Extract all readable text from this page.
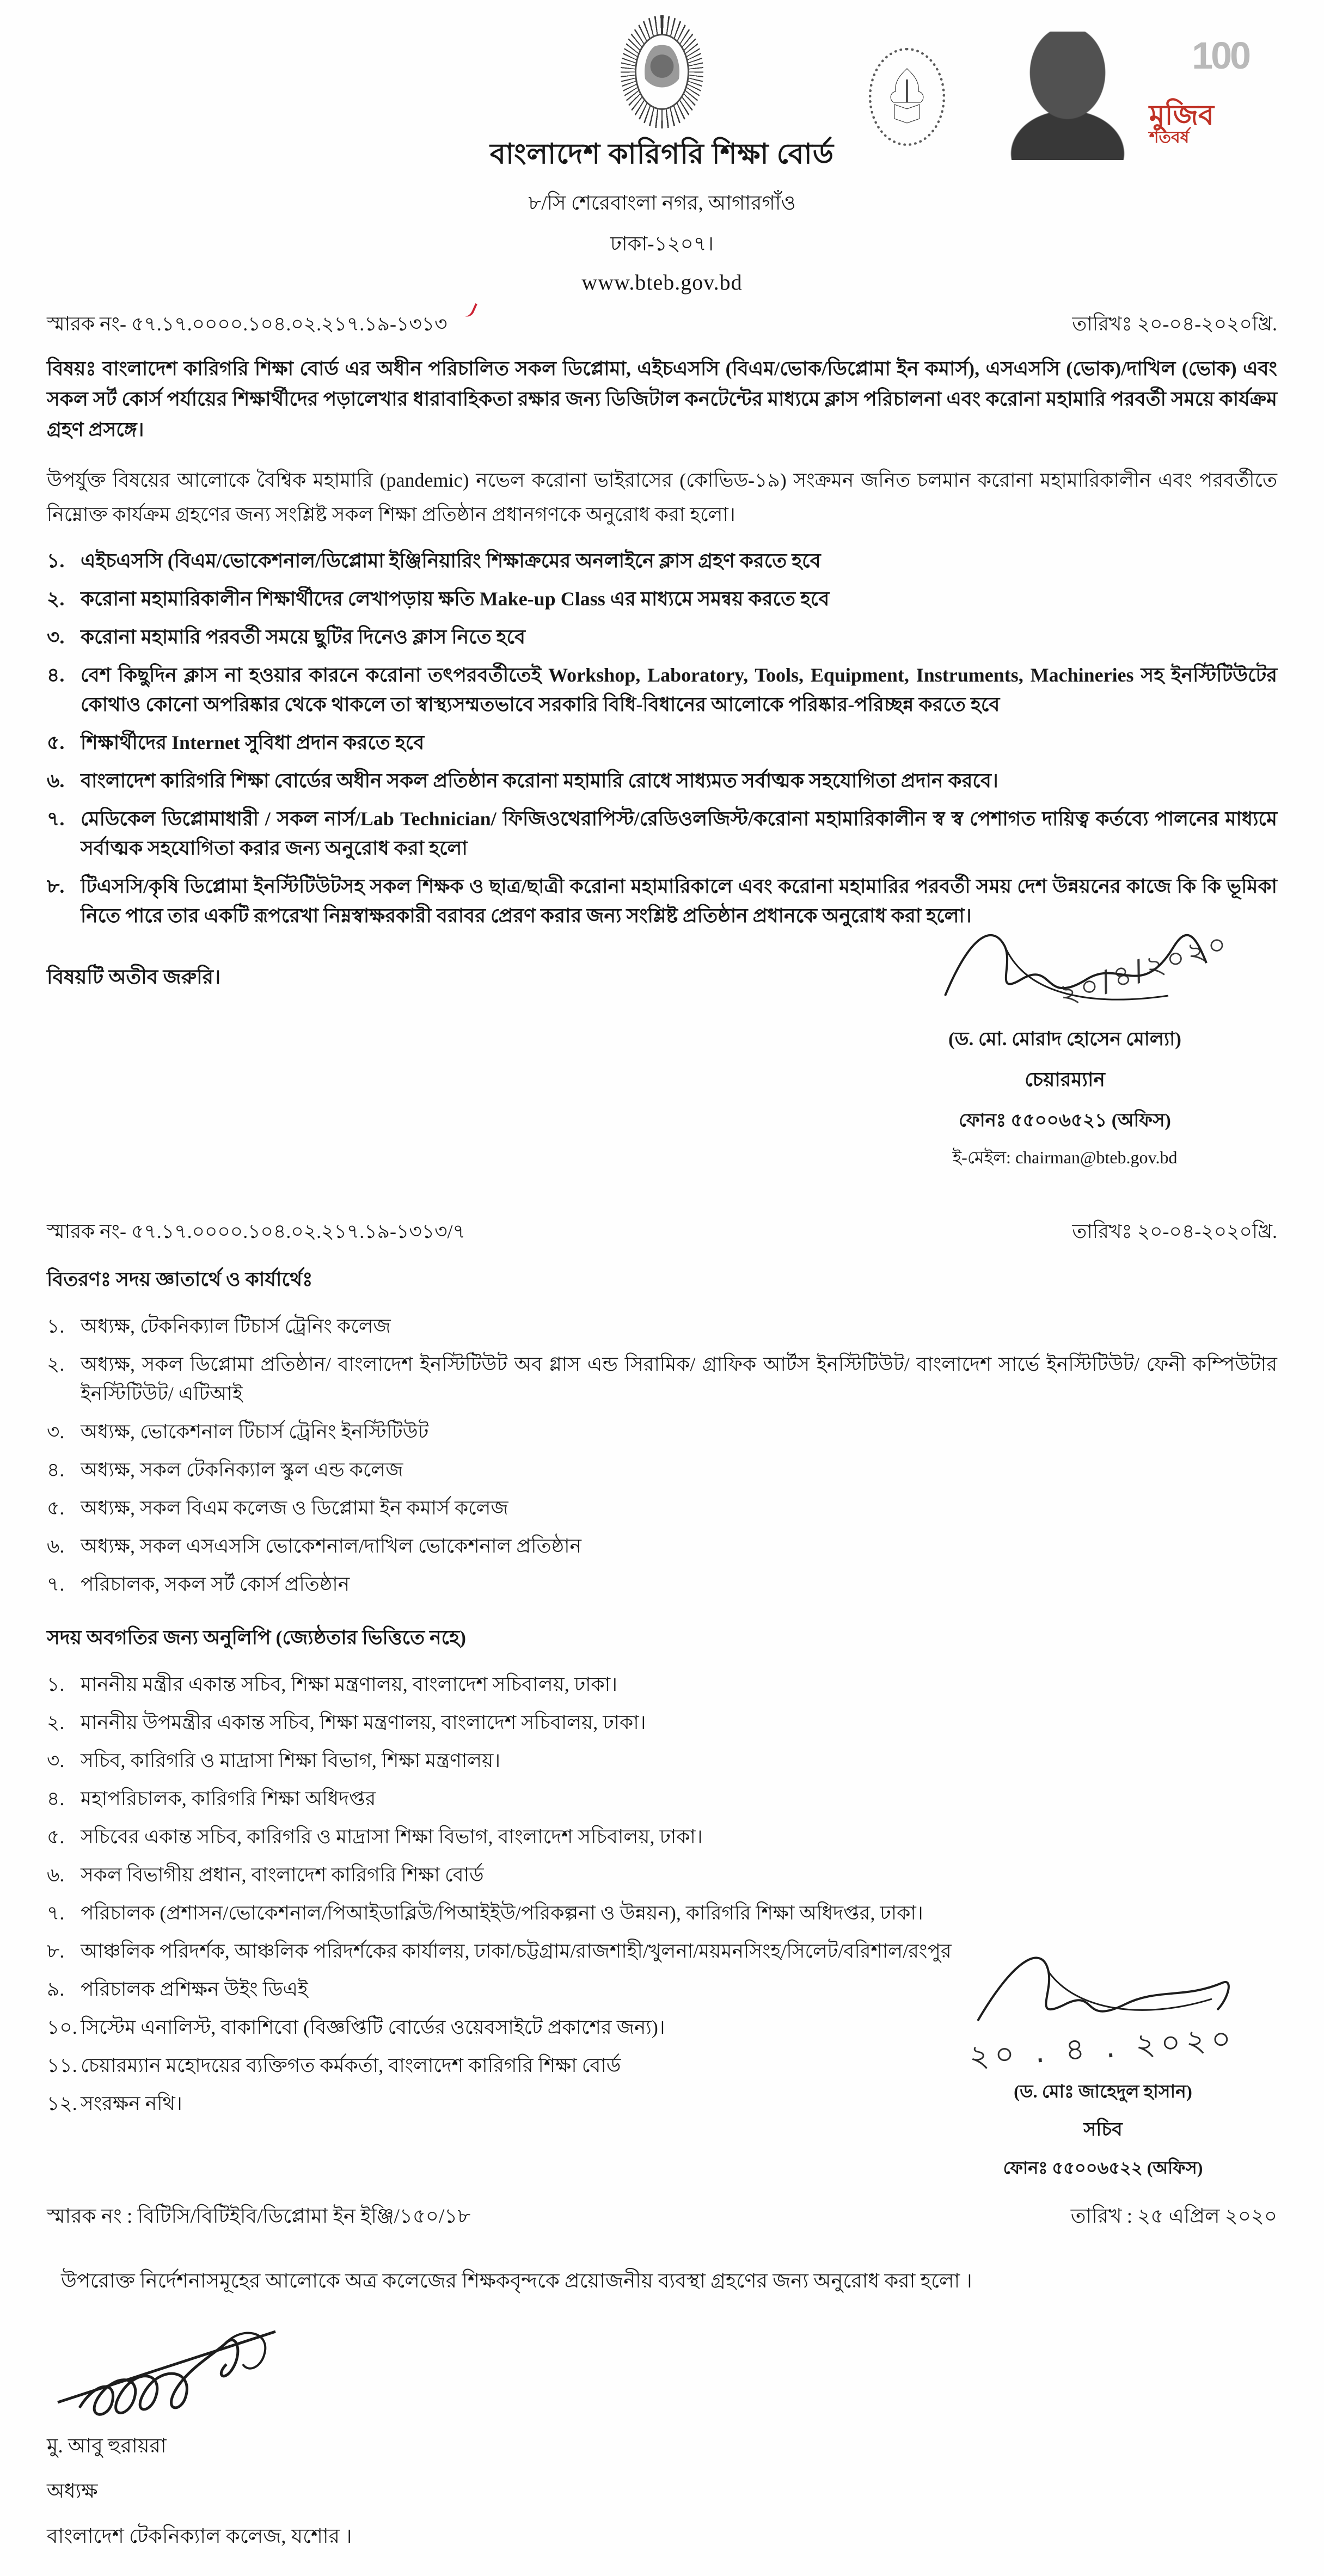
বাংলাদেশ কারিগরি শিক্ষা বোর্ড
৮/সি শেরেবাংলা নগর, আগারগাঁও
ঢাকা-১২০৭।
www.bteb.gov.bd
মুজিব
শতবর্ষ
100
স্মারক নং- ৫৭.১৭.০০০০.১০৪.০২.২১৭.১৯-১৩১৩	তারিখঃ ২০-০৪-২০২০খ্রি.
বিষয়ঃ বাংলাদেশ কারিগরি শিক্ষা বোর্ড এর অধীন পরিচালিত সকল ডিপ্লোমা, এইচএসসি (বিএম/ভোক/ডিপ্লোমা ইন কমার্স), এসএসসি (ভোক)/দাখিল (ভোক) এবং সকল সর্ট কোর্স পর্যায়ের শিক্ষার্থীদের পড়ালেখার ধারাবাহিকতা রক্ষার জন্য ডিজিটাল কনটেন্টের মাধ্যমে ক্লাস পরিচালনা এবং করোনা মহামারি পরবর্তী সময়ে কার্যক্রম গ্রহণ প্রসঙ্গে।
উপর্যুক্ত বিষয়ের আলোকে বৈশ্বিক মহামারি (pandemic) নভেল করোনা ভাইরাসের (কোভিড-১৯) সংক্রমন জনিত চলমান করোনা মহামারিকালীন এবং পরবর্তীতে নিম্নোক্ত কার্যক্রম গ্রহণের জন্য সংশ্লিষ্ট সকল শিক্ষা প্রতিষ্ঠান প্রধানগণকে অনুরোধ করা হলো।
১. এইচএসসি (বিএম/ভোকেশনাল/ডিপ্লোমা ইঞ্জিনিয়ারিং শিক্ষাক্রমের অনলাইনে ক্লাস গ্রহণ করতে হবে
২. করোনা মহামারিকালীন শিক্ষার্থীদের লেখাপড়ায় ক্ষতি Make-up Class এর মাধ্যমে সমন্বয় করতে হবে
৩. করোনা মহামারি পরবর্তী সময়ে ছুটির দিনেও ক্লাস নিতে হবে
৪. বেশ কিছুদিন ক্লাস না হওয়ার কারনে করোনা তৎপরবর্তীতেই Workshop, Laboratory, Tools, Equipment, Instruments, Machineries সহ ইনস্টিটিউটের কোথাও কোনো অপরিষ্কার থেকে থাকলে তা স্বাস্থ্যসম্মতভাবে সরকারি বিধি-বিধানের আলোকে পরিষ্কার-পরিচ্ছন্ন করতে হবে
৫. শিক্ষার্থীদের Internet সুবিধা প্রদান করতে হবে
৬. বাংলাদেশ কারিগরি শিক্ষা বোর্ডের অধীন সকল প্রতিষ্ঠান করোনা মহামারি রোধে সাধ্যমত সর্বাত্মক সহযোগিতা প্রদান করবে।
৭. মেডিকেল ডিপ্লোমাধারী / সকল নার্স/Lab Technician/ ফিজিওথেরাপিস্ট/রেডিওলজিস্ট/করোনা মহামারিকালীন স্ব স্ব পেশাগত দায়িত্ব কর্তব্যে পালনের মাধ্যমে সর্বাত্মক সহযোগিতা করার জন্য অনুরোধ করা হলো
৮. টিএসসি/কৃষি ডিপ্লোমা ইনস্টিটিউটসহ সকল শিক্ষক ও ছাত্র/ছাত্রী করোনা মহামারিকালে এবং করোনা মহামারির পরবর্তী সময় দেশ উন্নয়নের কাজে কি কি ভূমিকা নিতে পারে তার একটি রূপরেখা নিম্নস্বাক্ষরকারী বরাবর প্রেরণ করার জন্য সংশ্লিষ্ট প্রতিষ্ঠান প্রধানকে অনুরোধ করা হলো।
বিষয়টি অতীব জরুরি।	২০/৪/২০২০
(ড. মো. মোরাদ হোসেন মোল্যা)
চেয়ারম্যান
ফোনঃ ৫৫০০৬৫২১ (অফিস)
ই-মেইল: chairman@bteb.gov.bd
স্মারক নং- ৫৭.১৭.০০০০.১০৪.০২.২১৭.১৯-১৩১৩/৭	তারিখঃ ২০-০৪-২০২০খ্রি.
বিতরণঃ সদয় জ্ঞাতার্থে ও কার্যার্থেঃ
১. অধ্যক্ষ, টেকনিক্যাল টিচার্স ট্রেনিং কলেজ
২. অধ্যক্ষ, সকল ডিপ্লোমা প্রতিষ্ঠান/ বাংলাদেশ ইনস্টিটিউট অব গ্লাস এন্ড সিরামিক/ গ্রাফিক আর্টস ইনস্টিটিউট/ বাংলাদেশ সার্ভে ইনস্টিটিউট/ ফেনী কম্পিউটার ইনস্টিটিউট/ এটিআই
৩. অধ্যক্ষ, ভোকেশনাল টিচার্স ট্রেনিং ইনস্টিটিউট
৪. অধ্যক্ষ, সকল টেকনিক্যাল স্কুল এন্ড কলেজ
৫. অধ্যক্ষ, সকল বিএম কলেজ ও ডিপ্লোমা ইন কমার্স কলেজ
৬. অধ্যক্ষ, সকল এসএসসি ভোকেশনাল/দাখিল ভোকেশনাল প্রতিষ্ঠান
৭. পরিচালক, সকল সর্ট কোর্স প্রতিষ্ঠান
সদয় অবগতির জন্য অনুলিপি (জ্যেষ্ঠতার ভিত্তিতে নহে)
১. মাননীয় মন্ত্রীর একান্ত সচিব, শিক্ষা মন্ত্রণালয়, বাংলাদেশ সচিবালয়, ঢাকা।
২. মাননীয় উপমন্ত্রীর একান্ত সচিব, শিক্ষা মন্ত্রণালয়, বাংলাদেশ সচিবালয়, ঢাকা।
৩. সচিব, কারিগরি ও মাদ্রাসা শিক্ষা বিভাগ, শিক্ষা মন্ত্রণালয়।
৪. মহাপরিচালক, কারিগরি শিক্ষা অধিদপ্তর
৫. সচিবের একান্ত সচিব, কারিগরি ও মাদ্রাসা শিক্ষা বিভাগ, বাংলাদেশ সচিবালয়, ঢাকা।
৬. সকল বিভাগীয় প্রধান, বাংলাদেশ কারিগরি শিক্ষা বোর্ড
৭. পরিচালক (প্রশাসন/ভোকেশনাল/পিআইডাব্লিউ/পিআইইউ/পরিকল্পনা ও উন্নয়ন), কারিগরি শিক্ষা অধিদপ্তর, ঢাকা।
৮. আঞ্চলিক পরিদর্শক, আঞ্চলিক পরিদর্শকের কার্যালয়, ঢাকা/চট্টগ্রাম/রাজশাহী/খুলনা/ময়মনসিংহ/সিলেট/বরিশাল/রংপুর
৯. পরিচালক প্রশিক্ষন উইং ডিএই
১০. সিস্টেম এনালিস্ট, বাকাশিবো (বিজ্ঞপ্তিটি বোর্ডের ওয়েবসাইটে প্রকাশের জন্য)।
১১. চেয়ারম্যান মহোদয়ের ব্যক্তিগত কর্মকর্তা, বাংলাদেশ কারিগরি শিক্ষা বোর্ড
১২. সংরক্ষন নথি।
২০ . ৪ . ২০২০
(ড. মোঃ জাহেদুল হাসান)
সচিব
ফোনঃ ৫৫০০৬৫২২ (অফিস)
স্মারক নং : বিটিসি/বিটিইবি/ডিপ্লোমা ইন ইঞ্জি/১৫০/১৮	তারিখ : ২৫ এপ্রিল ২০২০
উপরোক্ত নির্দেশনাসমূহের আলোকে অত্র কলেজের শিক্ষকবৃন্দকে প্রয়োজনীয় ব্যবস্থা গ্রহণের জন্য অনুরোধ করা হলো ।
মু. আবু হুরায়রা
অধ্যক্ষ
বাংলাদেশ টেকনিক্যাল কলেজ, যশোর ।
